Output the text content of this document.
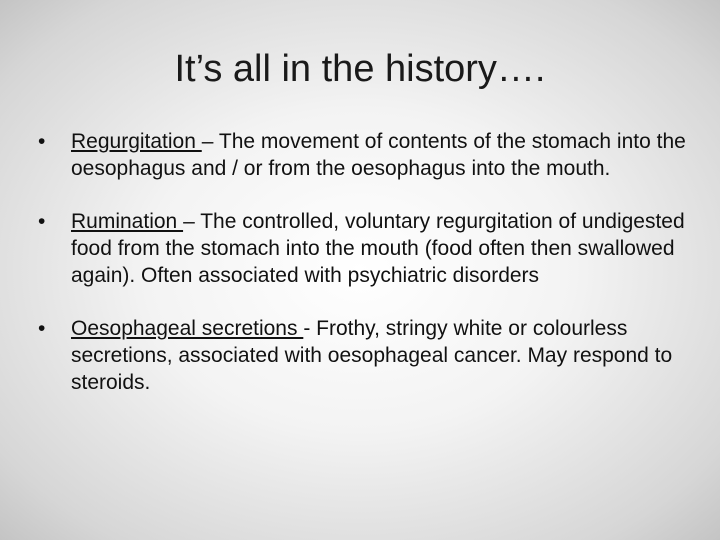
It’s all in the history….
• Regurgitation – The movement of contents of the stomach into the oesophagus and / or from the oesophagus into the mouth.
• Rumination – The controlled, voluntary regurgitation of undigested food from the stomach into the mouth (food often then swallowed again). Often associated with psychiatric disorders
• Oesophageal secretions - Frothy, stringy white or colourless secretions, associated with oesophageal cancer. May respond to steroids.
